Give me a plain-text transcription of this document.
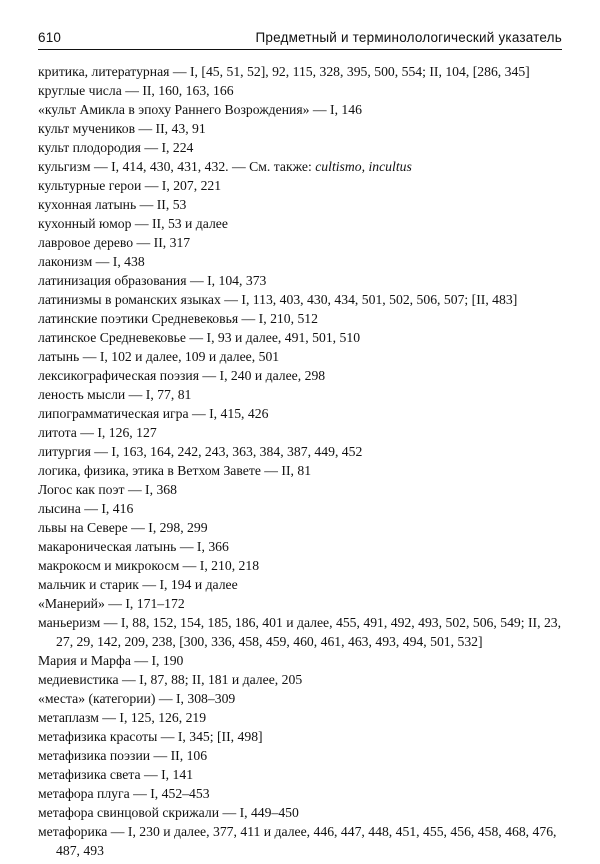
610	Предметный и терминолологический указатель
критика, литературная — I, [45, 51, 52], 92, 115, 328, 395, 500, 554; II, 104, [286, 345]
круглые числа — II, 160, 163, 166
«культ Амикла в эпоху Раннего Возрождения» — I, 146
культ мучеников — II, 43, 91
культ плодородия — I, 224
кульгизм — I, 414, 430, 431, 432. — См. также: cultismo, incultus
культурные герои — I, 207, 221
кухонная латынь — II, 53
кухонный юмор — II, 53 и далее
лавровое дерево — II, 317
лаконизм — I, 438
латинизация образования — I, 104, 373
латинизмы в романских языках — I, 113, 403, 430, 434, 501, 502, 506, 507; [II, 483]
латинские поэтики Средневековья — I, 210, 512
латинское Средневековье — I, 93 и далее, 491, 501, 510
латынь — I, 102 и далее, 109 и далее, 501
лексикографическая поэзия — I, 240 и далее, 298
леность мысли — I, 77, 81
липограмматическая игра — I, 415, 426
литота — I, 126, 127
литургия — I, 163, 164, 242, 243, 363, 384, 387, 449, 452
логика, физика, этика в Ветхом Завете — II, 81
Логос как поэт — I, 368
лысина — I, 416
львы на Севере — I, 298, 299
макароническая латынь — I, 366
макрокосм и микрокосм — I, 210, 218
мальчик и старик — I, 194 и далее
«Манерий» — I, 171–172
маньеризм — I, 88, 152, 154, 185, 186, 401 и далее, 455, 491, 492, 493, 502, 506, 549; II, 23, 27, 29, 142, 209, 238, [300, 336, 458, 459, 460, 461, 463, 493, 494, 501, 532]
Мария и Марфа — I, 190
медиевистика — I, 87, 88; II, 181 и далее, 205
«места» (категории) — I, 308–309
метаплазм — I, 125, 126, 219
метафизика красоты — I, 345; [II, 498]
метафизика поэзии — II, 106
метафизика света — I, 141
метафора плуга — I, 452–453
метафора свинцовой скрижали — I, 449–450
метафорика — I, 230 и далее, 377, 411 и далее, 446, 447, 448, 451, 455, 456, 458, 468, 476, 487, 493
